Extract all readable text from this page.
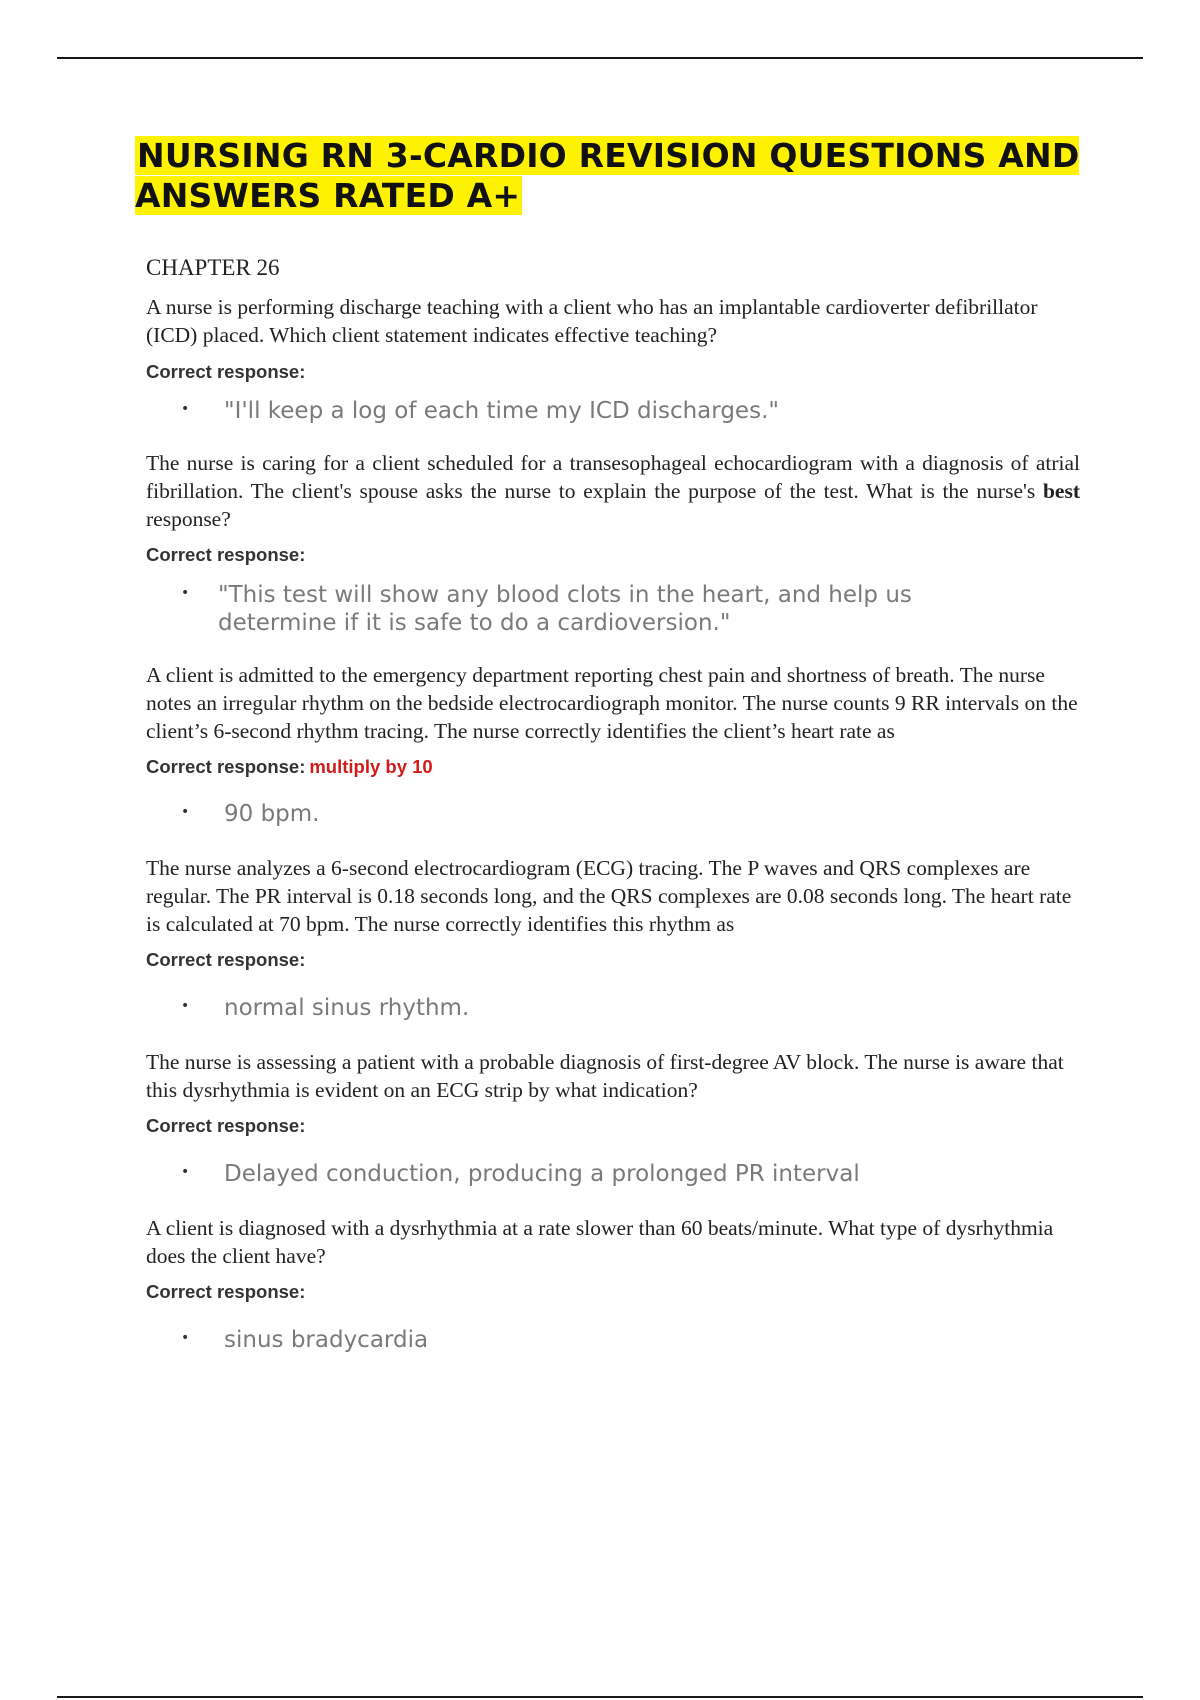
NURSING RN 3-CARDIO REVISION QUESTIONS AND ANSWERS RATED A+

CHAPTER 26

A nurse is performing discharge teaching with a client who has an implantable cardioverter defibrillator (ICD) placed. Which client statement indicates effective teaching?

Correct response:

• "I'll keep a log of each time my ICD discharges."

The nurse is caring for a client scheduled for a transesophageal echocardiogram with a diagnosis of atrial fibrillation. The client's spouse asks the nurse to explain the purpose of the test. What is the nurse's best response?

Correct response:

• "This test will show any blood clots in the heart, and help us determine if it is safe to do a cardioversion."

A client is admitted to the emergency department reporting chest pain and shortness of breath. The nurse notes an irregular rhythm on the bedside electrocardiograph monitor. The nurse counts 9 RR intervals on the client’s 6-second rhythm tracing. The nurse correctly identifies the client’s heart rate as

Correct response: multiply by 10

• 90 bpm.

The nurse analyzes a 6-second electrocardiogram (ECG) tracing. The P waves and QRS complexes are regular. The PR interval is 0.18 seconds long, and the QRS complexes are 0.08 seconds long. The heart rate is calculated at 70 bpm. The nurse correctly identifies this rhythm as

Correct response:

• normal sinus rhythm.

The nurse is assessing a patient with a probable diagnosis of first-degree AV block. The nurse is aware that this dysrhythmia is evident on an ECG strip by what indication?

Correct response:

• Delayed conduction, producing a prolonged PR interval

A client is diagnosed with a dysrhythmia at a rate slower than 60 beats/minute. What type of dysrhythmia does the client have?

Correct response:

• sinus bradycardia
